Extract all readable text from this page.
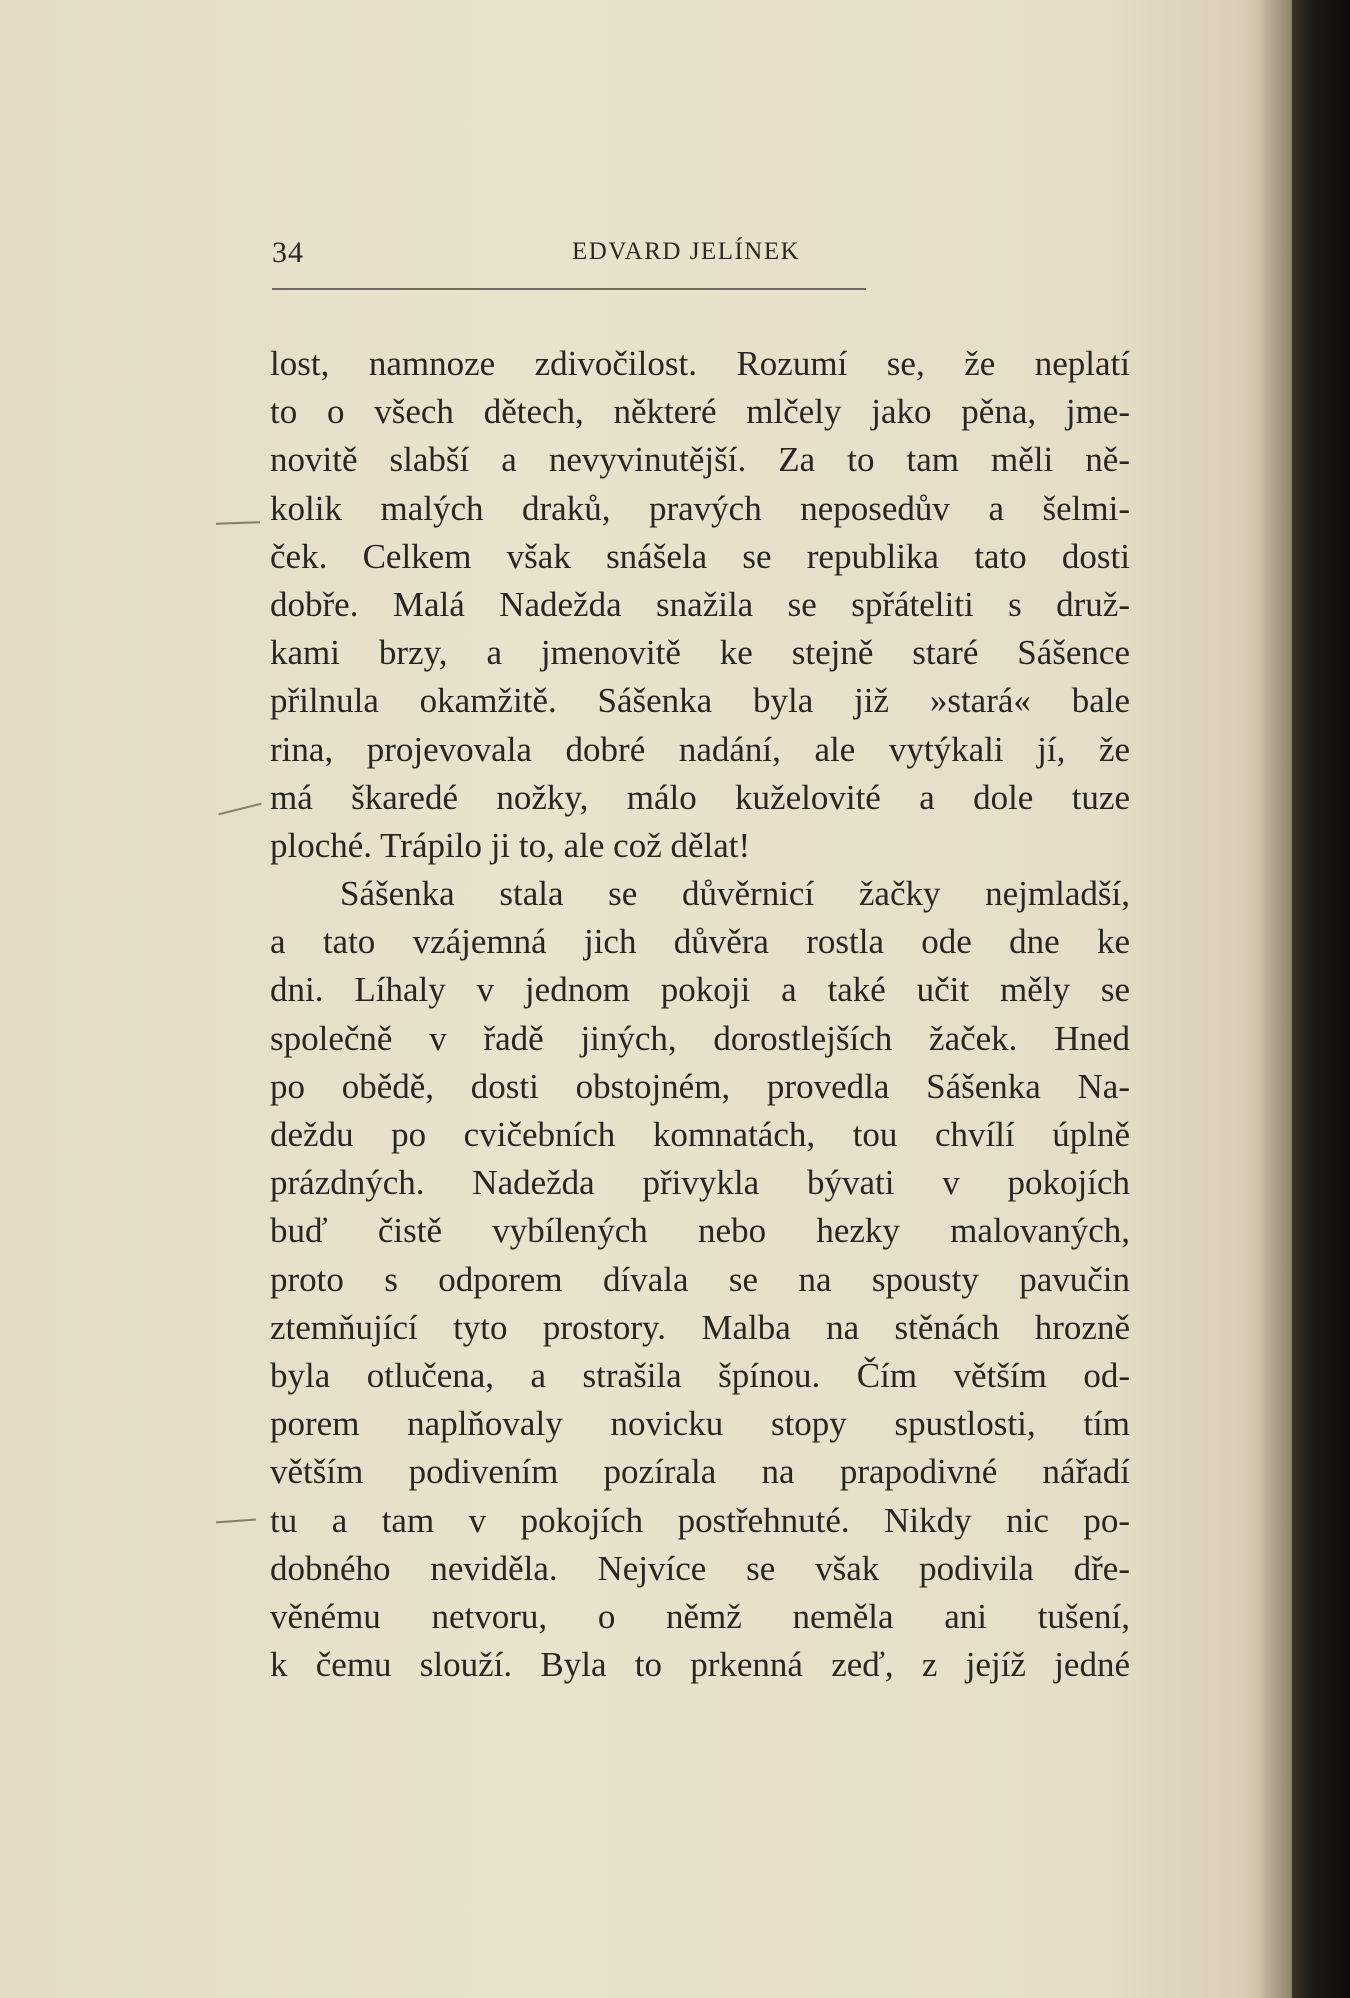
34	EDVARD JELÍNEK
lost, namnoze zdivočilost. Rozumí se, že neplatí
to o všech dětech, některé mlčely jako pěna, jme-
novitě slabší a nevyvinutější. Za to tam měli ně-
kolik malých draků, pravých neposedův a šelmi-
ček. Celkem však snášela se republika tato dosti
dobře. Malá Nadežda snažila se spřáteliti s druž-
kami brzy, a jmenovitě ke stejně staré Sášence
přilnula okamžitě. Sášenka byla již »stará« bale
rina, projevovala dobré nadání, ale vytýkali jí, že
má škaredé nožky, málo kuželovité a dole tuze
ploché. Trápilo ji to, ale což dělat!
Sášenka stala se důvěrnicí žačky nejmladší,
a tato vzájemná jich důvěra rostla ode dne ke
dni. Líhaly v jednom pokoji a také učit měly se
společně v řadě jiných, dorostlejších žaček. Hned
po obědě, dosti obstojném, provedla Sášenka Na-
deždu po cvičebních komnatách, tou chvílí úplně
prázdných. Nadežda přivykla bývati v pokojích
buď čistě vybílených nebo hezky malovaných,
proto s odporem dívala se na spousty pavučin
ztemňující tyto prostory. Malba na stěnách hrozně
byla otlučena, a strašila špínou. Čím větším od-
porem naplňovaly novicku stopy spustlosti, tím
větším podivením pozírala na prapodivné nářadí
tu a tam v pokojích postřehnuté. Nikdy nic po-
dobného neviděla. Nejvíce se však podivila dře-
věnému netvoru, o němž neměla ani tušení,
k čemu slouží. Byla to prkenná zeď, z jejíž jedné
